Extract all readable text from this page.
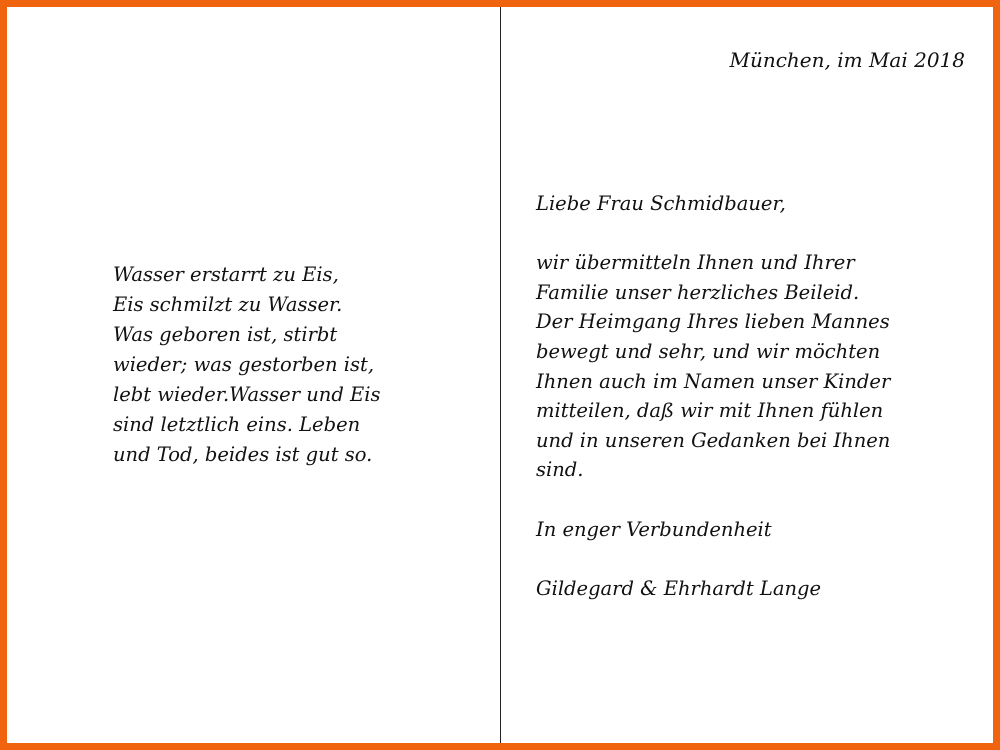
Wasser erstarrt zu Eis,
Eis schmilzt zu Wasser.
Was geboren ist, stirbt
wieder; was gestorben ist,
lebt wieder.Wasser und Eis
sind letztlich eins. Leben
und Tod, beides ist gut so.
München, im Mai 2018
Liebe Frau Schmidbauer,
wir übermitteln Ihnen und Ihrer
Familie unser herzliches Beileid.
Der Heimgang Ihres lieben Mannes
bewegt und sehr, und wir möchten
Ihnen auch im Namen unser Kinder
mitteilen, daß wir mit Ihnen fühlen
und in unseren Gedanken bei Ihnen
sind.
In enger Verbundenheit
Gildegard & Ehrhardt Lange
